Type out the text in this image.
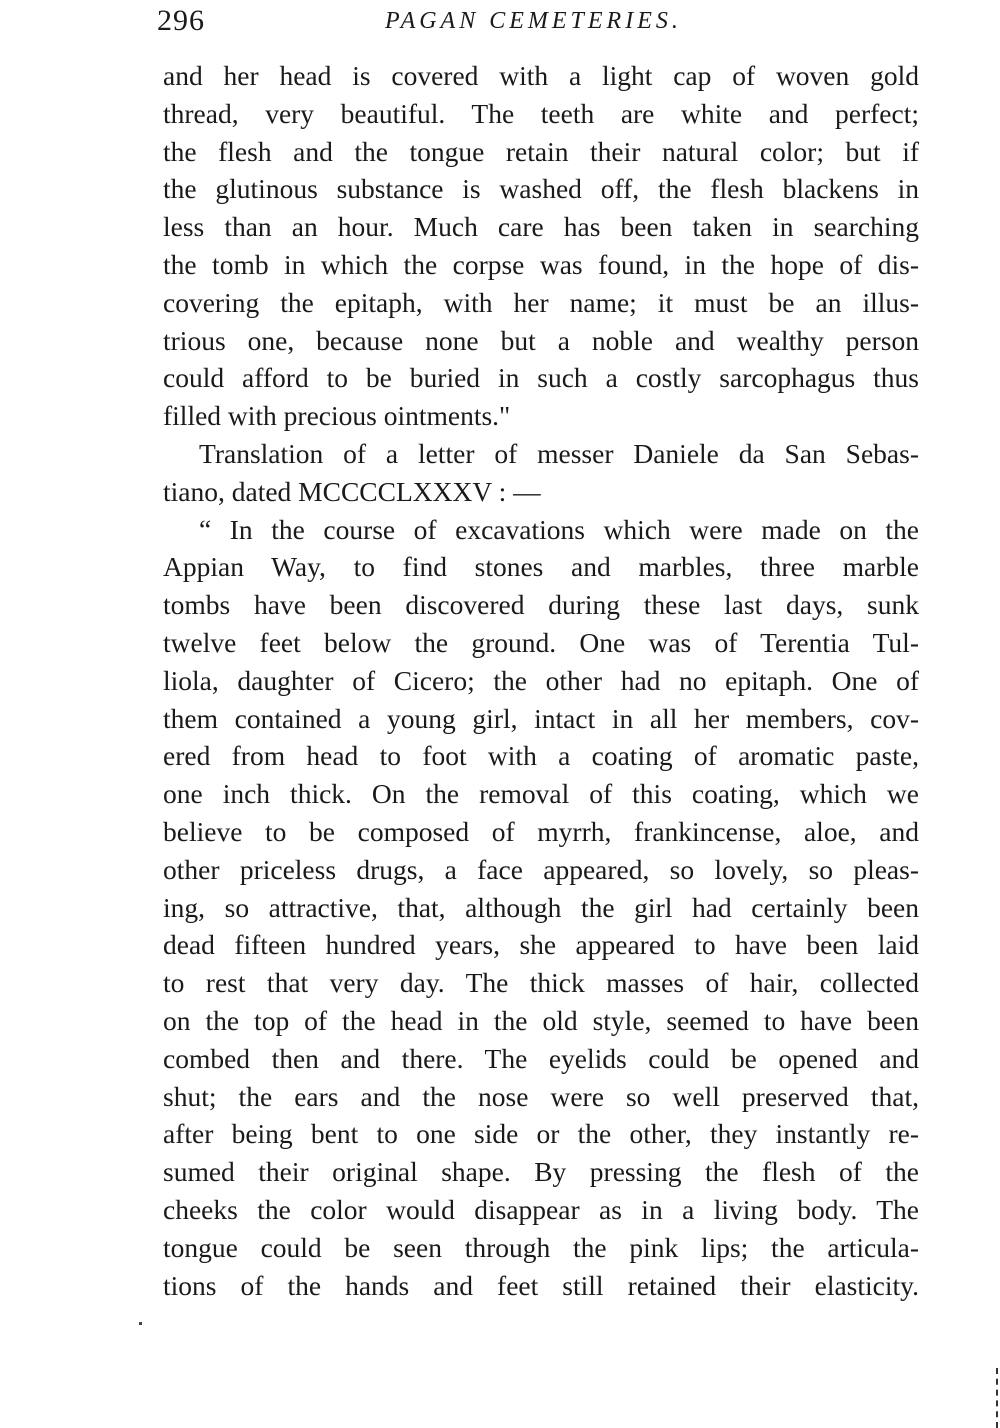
296	PAGAN CEMETERIES.
and her head is covered with a light cap of woven gold
thread, very beautiful. The teeth are white and perfect;
the flesh and the tongue retain their natural color; but if
the glutinous substance is washed off, the flesh blackens in
less than an hour. Much care has been taken in searching
the tomb in which the corpse was found, in the hope of dis-
covering the epitaph, with her name; it must be an illus-
trious one, because none but a noble and wealthy person
could afford to be buried in such a costly sarcophagus thus
filled with precious ointments."
Translation of a letter of messer Daniele da San Sebas-
tiano, dated MCCCCLXXXV : —
“ In the course of excavations which were made on the
Appian Way, to find stones and marbles, three marble
tombs have been discovered during these last days, sunk
twelve feet below the ground. One was of Terentia Tul-
liola, daughter of Cicero; the other had no epitaph. One of
them contained a young girl, intact in all her members, cov-
ered from head to foot with a coating of aromatic paste,
one inch thick. On the removal of this coating, which we
believe to be composed of myrrh, frankincense, aloe, and
other priceless drugs, a face appeared, so lovely, so pleas-
ing, so attractive, that, although the girl had certainly been
dead fifteen hundred years, she appeared to have been laid
to rest that very day. The thick masses of hair, collected
on the top of the head in the old style, seemed to have been
combed then and there. The eyelids could be opened and
shut; the ears and the nose were so well preserved that,
after being bent to one side or the other, they instantly re-
sumed their original shape. By pressing the flesh of the
cheeks the color would disappear as in a living body. The
tongue could be seen through the pink lips; the articula-
tions of the hands and feet still retained their elasticity.
